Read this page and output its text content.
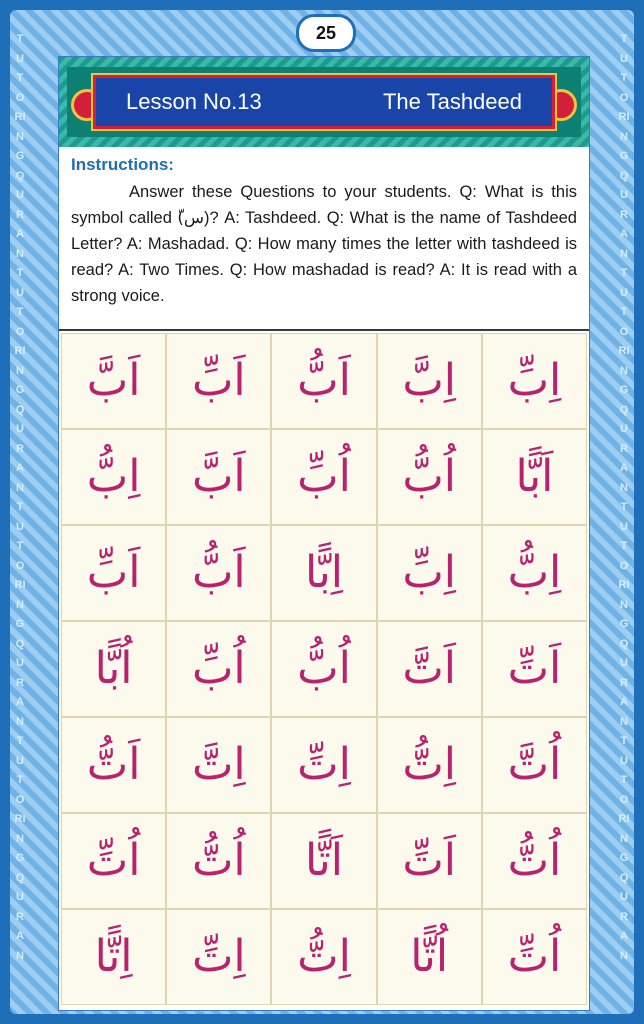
TUTORINGQURANTUTORINGQURANTUTORINGQURANTUTORINGQURAN
TUTORINGQURANTUTORINGQURANTUTORINGQURANTUTORINGQURAN
25
Lesson No.13	The Tashdeed
Instructions:
Answer these Questions to your students. Q: What is this symbol called (ّس)? A: Tashdeed. Q: What is the name of Tashdeed Letter? A: Mashadad. Q: How many times the letter with tashdeed is read? A: Two Times. Q: How mashadad is read? A: It is read with a strong voice.
اَبَّ	اَبِّ	اَبُّ	اِبَّ	اِبِّ
اِبُّ	اَبَّ	اُبِّ	اُبُّ	اَبًّا
اَبِّ	اَبُّ	اِبًّا	اِبِّ	اِبُّ
اُبًّا	اُبِّ	اُبُّ	اَتَّ	اَتِّ
اَتُّ	اِتَّ	اِتِّ	اِتُّ	اُتَّ
اُتِّ	اُتُّ	اَتًّا	اَتِّ	اُتُّ
اِتًّا	اِتِّ	اِتُّ	اُتًّا	اُتِّ
